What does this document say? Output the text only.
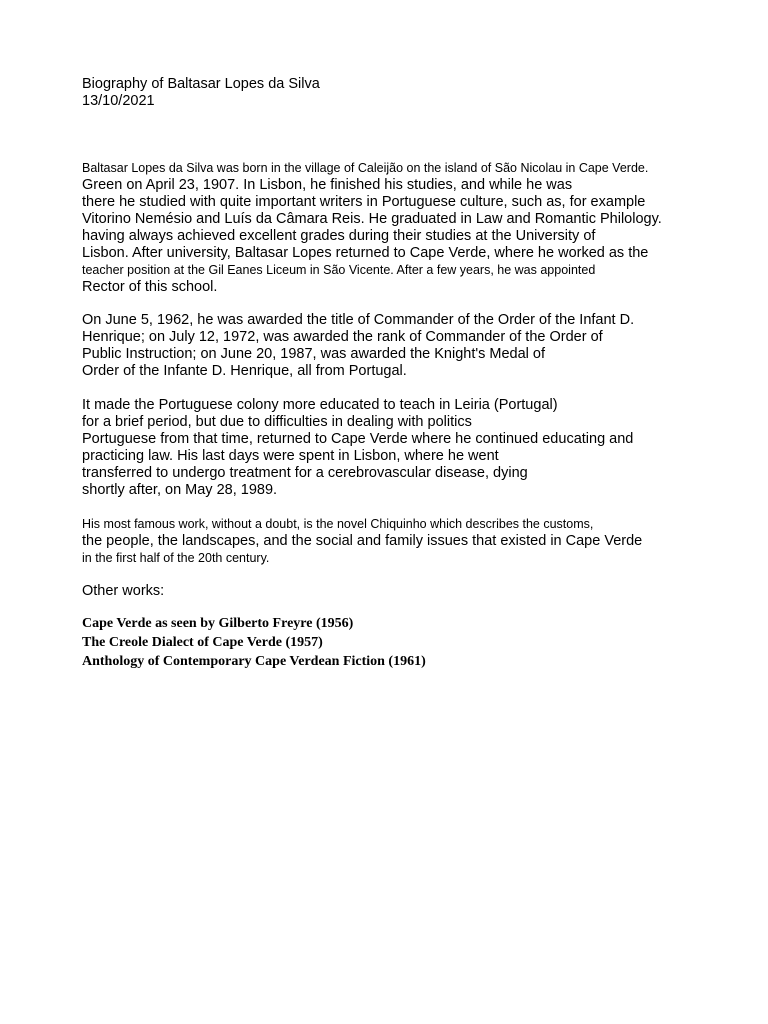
Biography of Baltasar Lopes da Silva
13/10/2021
Baltasar Lopes da Silva was born in the village of Caleijão on the island of São Nicolau in Cape Verde.
Green on April 23, 1907. In Lisbon, he finished his studies, and while he was
there he studied with quite important writers in Portuguese culture, such as, for example
Vitorino Nemésio and Luís da Câmara Reis. He graduated in Law and Romantic Philology.
having always achieved excellent grades during their studies at the University of
Lisbon. After university, Baltasar Lopes returned to Cape Verde, where he worked as the
teacher position at the Gil Eanes Liceum in São Vicente. After a few years, he was appointed
Rector of this school.
On June 5, 1962, he was awarded the title of Commander of the Order of the Infant D.
Henrique; on July 12, 1972, was awarded the rank of Commander of the Order of
Public Instruction; on June 20, 1987, was awarded the Knight's Medal of
Order of the Infante D. Henrique, all from Portugal.
It made the Portuguese colony more educated to teach in Leiria (Portugal)
for a brief period, but due to difficulties in dealing with politics
Portuguese from that time, returned to Cape Verde where he continued educating and
practicing law. His last days were spent in Lisbon, where he went
transferred to undergo treatment for a cerebrovascular disease, dying
shortly after, on May 28, 1989.
His most famous work, without a doubt, is the novel Chiquinho which describes the customs,
the people, the landscapes, and the social and family issues that existed in Cape Verde
in the first half of the 20th century.
Other works:
Cape Verde as seen by Gilberto Freyre (1956)
The Creole Dialect of Cape Verde (1957)
Anthology of Contemporary Cape Verdean Fiction (1961)
